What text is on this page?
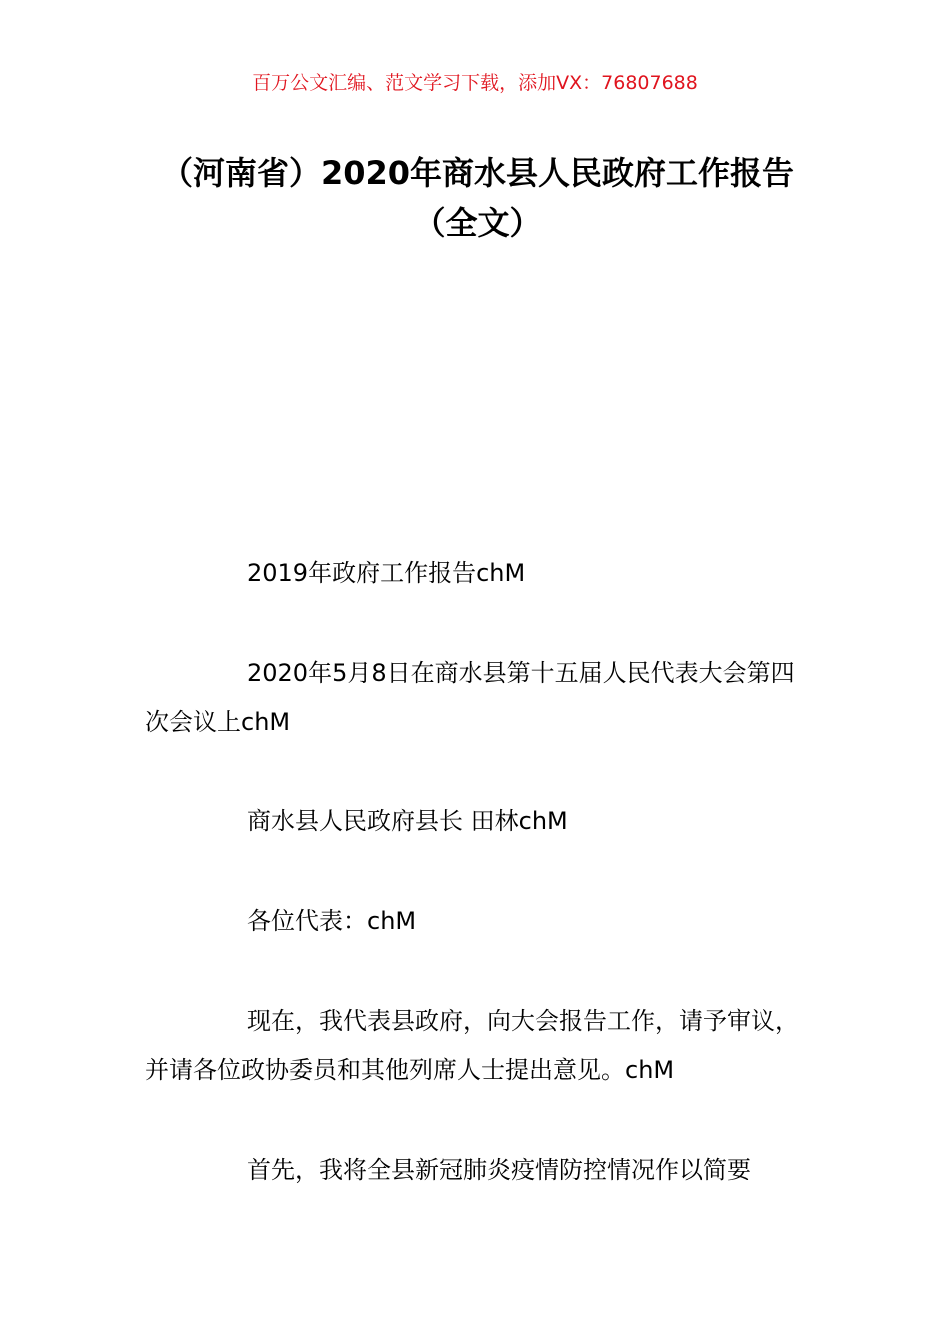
百万公文汇编、范文学习下载，添加VX：76807688
（河南省）2020年商水县人民政府工作报告（全文）

2019年政府工作报告chM

2020年5月8日在商水县第十五届人民代表大会第四次会议上chM

商水县人民政府县长 田林chM

各位代表：chM

现在，我代表县政府，向大会报告工作，请予审议，并请各位政协委员和其他列席人士提出意见。chM

首先，我将全县新冠肺炎疫情防控情况作以简要
